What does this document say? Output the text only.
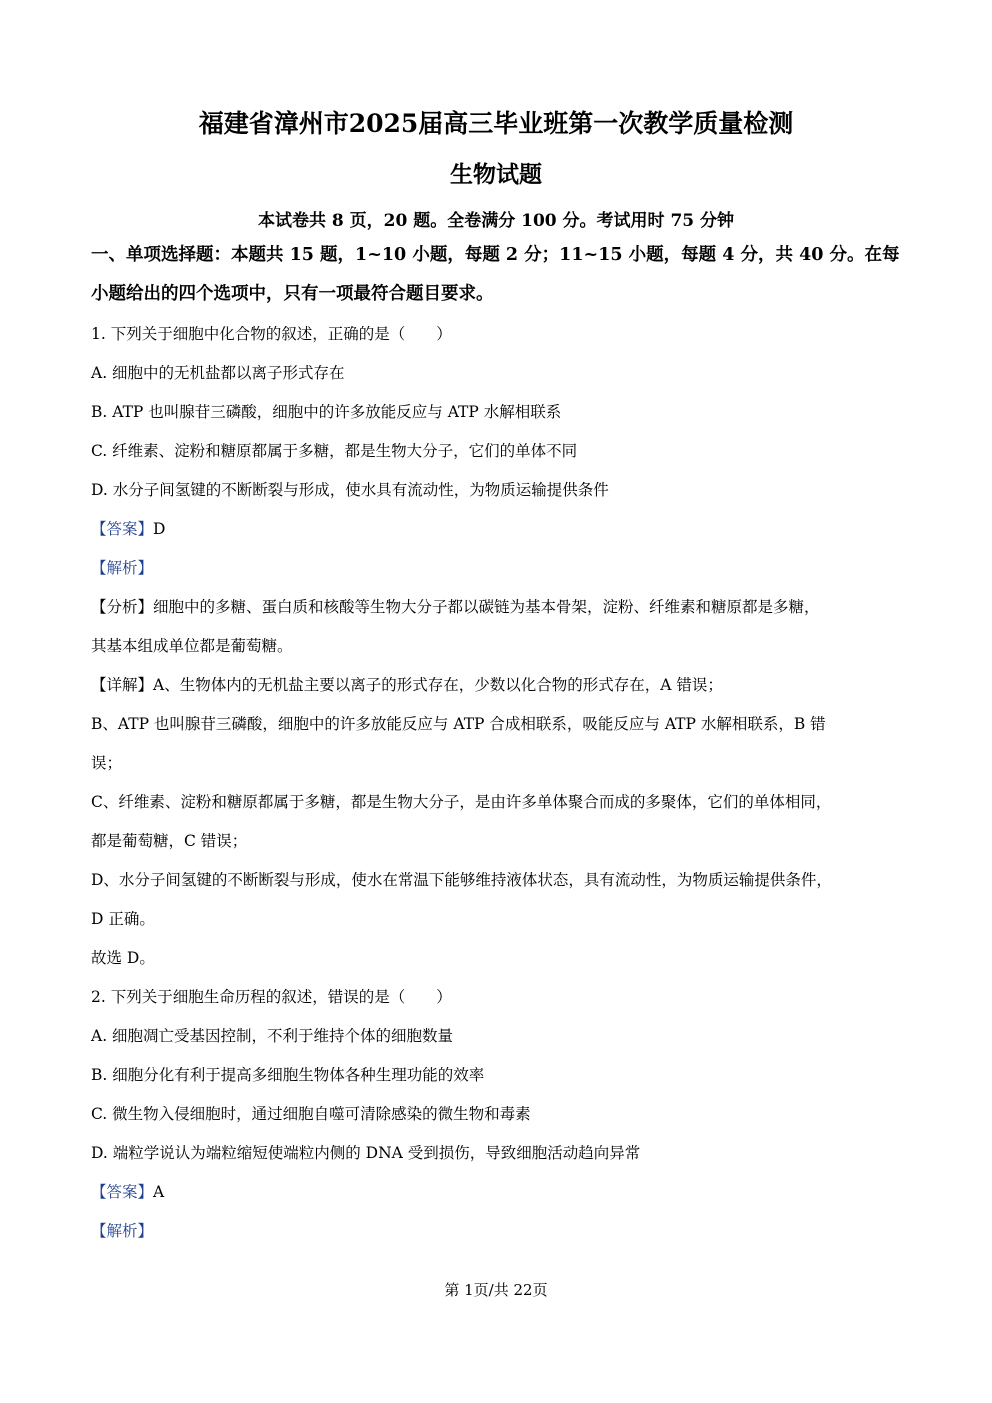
福建省漳州市2025届高三毕业班第一次教学质量检测
生物试题
本试卷共 8 页，20 题。全卷满分 100 分。考试用时 75 分钟
一、单项选择题：本题共 15 题，1~10 小题，每题 2 分；11~15 小题，每题 4 分，共 40 分。在每小题给出的四个选项中，只有一项最符合题目要求。
1. 下列关于细胞中化合物的叙述，正确的是（　　）
A. 细胞中的无机盐都以离子形式存在
B. ATP 也叫腺苷三磷酸，细胞中的许多放能反应与 ATP 水解相联系
C. 纤维素、淀粉和糖原都属于多糖，都是生物大分子，它们的单体不同
D. 水分子间氢键的不断断裂与形成，使水具有流动性，为物质运输提供条件
【答案】D
【解析】
【分析】细胞中的多糖、蛋白质和核酸等生物大分子都以碳链为基本骨架，淀粉、纤维素和糖原都是多糖，
其基本组成单位都是葡萄糖。
【详解】A、生物体内的无机盐主要以离子的形式存在，少数以化合物的形式存在，A 错误；
B、ATP 也叫腺苷三磷酸，细胞中的许多放能反应与 ATP 合成相联系，吸能反应与 ATP 水解相联系，B 错
误；
C、纤维素、淀粉和糖原都属于多糖，都是生物大分子，是由许多单体聚合而成的多聚体，它们的单体相同，
都是葡萄糖，C 错误；
D、水分子间氢键的不断断裂与形成，使水在常温下能够维持液体状态，具有流动性，为物质运输提供条件，
D 正确。
故选 D。
2. 下列关于细胞生命历程的叙述，错误的是（　　）
A. 细胞凋亡受基因控制，不利于维持个体的细胞数量
B. 细胞分化有利于提高多细胞生物体各种生理功能的效率
C. 微生物入侵细胞时，通过细胞自噬可清除感染的微生物和毒素
D. 端粒学说认为端粒缩短使端粒内侧的 DNA 受到损伤，导致细胞活动趋向异常
【答案】A
【解析】
第 1页/共 22页
